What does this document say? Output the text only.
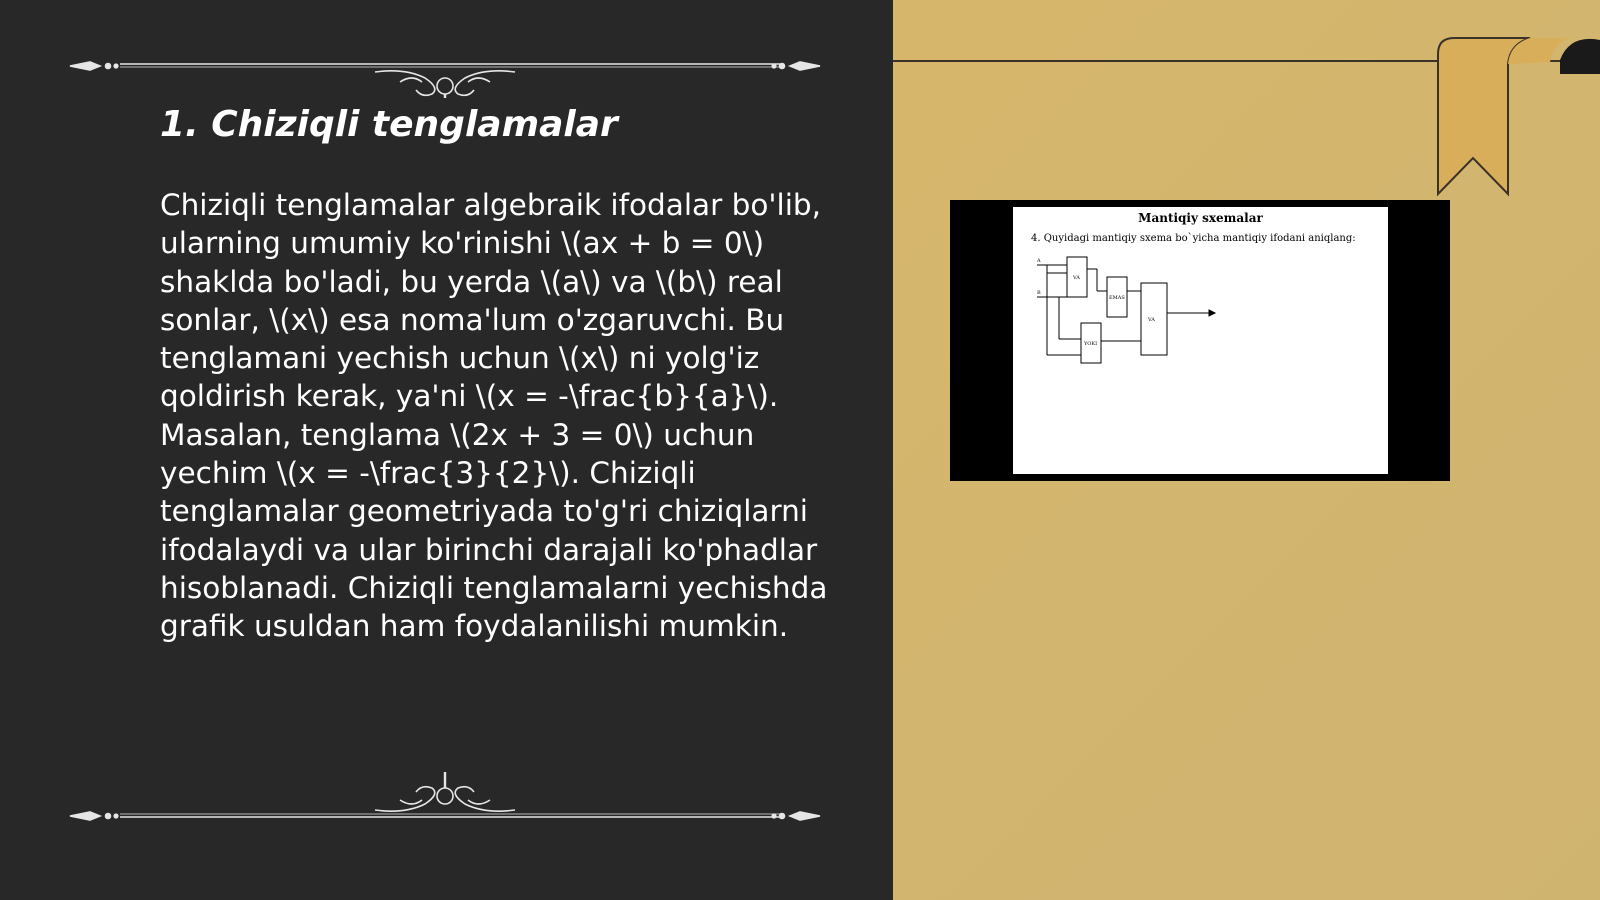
1. Chiziqli tenglamalar

Chiziqli tenglamalar algebraik ifodalar bo'lib, ularning umumiy ko'rinishi \(ax + b = 0\) shaklda bo'ladi, bu yerda \(a\) va \(b\) real sonlar, \(x\) esa noma'lum o'zgaruvchi. Bu tenglamani yechish uchun \(x\) ni yolg'iz qoldirish kerak, ya'ni \(x = -\frac{b}{a}\). Masalan, tenglama \(2x + 3 = 0\) uchun yechim \(x = -\frac{3}{2}\). Chiziqli tenglamalar geometriyada to'g'ri chiziqlarni ifodalaydi va ular birinchi darajali ko'phadlar hisoblanadi. Chiziqli tenglamalarni yechishda grafik usuldan ham foydalanilishi mumkin.

Mantiqiy sxemalar
4. Quyidagi mantiqiy sxema bo`yicha mantiqiy ifodani aniqlang:
A
B
VA
EMAS
YOKI
VA
